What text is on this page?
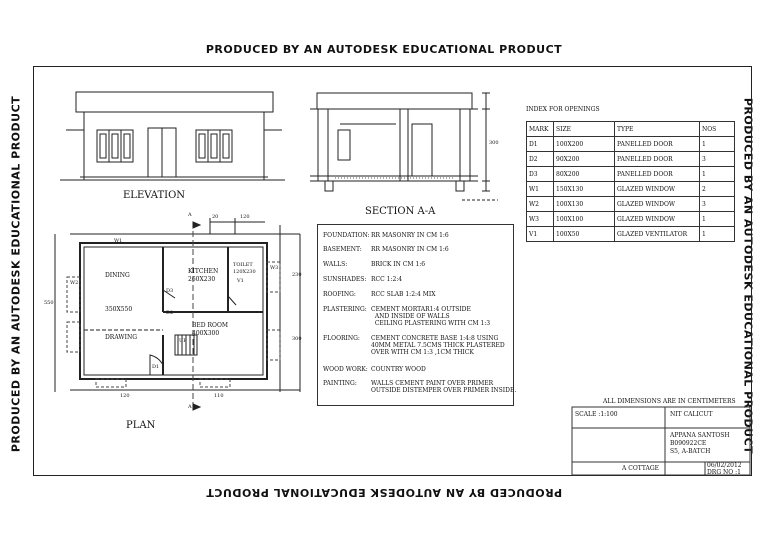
PRODUCED BY AN AUTODESK EDUCATIONAL PRODUCT
PRODUCED BY AN AUTODESK EDUCATIONAL PRODUCT
PRODUCED BY AN AUTODESK EDUCATIONAL PRODUCT	PRODUCED BY AN AUTODESK EDUCATIONAL PRODUCT
ELEVATION
SECTION A-A
PLAN
DINING
350X550
DRAWING
KITCHEN
260X230
TOILET
120X230
BED ROOM
400X300
UP
A
A
D1
D2
D3
W1
W2
W3
V1
20	120
550
230
300
120	110
300
INDEX FOR OPENINGS
MARK	SIZE	TYPE	NOS
D1	100X200	PANELLED DOOR	1
D2	90X200	PANELLED DOOR	3
D3	80X200	PANELLED DOOR	1
W1	150X130	GLAZED WINDOW	2
W2	100X130	GLAZED WINDOW	3
W3	100X100	GLAZED WINDOW	1
V1	100X50	GLAZED VENTILATOR	1
FOUNDATION: RR MASONRY IN CM 1:6
BASEMENT: RR MASONRY IN CM 1:6
WALLS:	BRICK IN CM 1:6
SUNSHADES: RCC 1:2:4
ROOFING:	RCC SLAB 1:2:4 MIX
PLASTERING: CEMENT MORTAR1:4 OUTSIDE
AND INSIDE OF WALLS
CEILING PLASTERING WITH CM 1:3
FLOORING: CEMENT CONCRETE BASE 1:4:8 USING
40MM METAL 7.5CMS THICK PLASTERED
OVER WITH CM 1:3 ,1CM THICK
WOOD WORK: COUNTRY WOOD
PAINTING: WALLS CEMENT PAINT OVER PRIMER
OUTSIDE DISTEMPER OVER PRIMER INSIDE.
ALL DIMENSIONS ARE IN CENTIMETERS
SCALE :1:100	NIT CALICUT
APPANA SANTOSH
B090922CE
S5, A-BATCH
A COTTAGE	06/02/2012
DRG NO :1
